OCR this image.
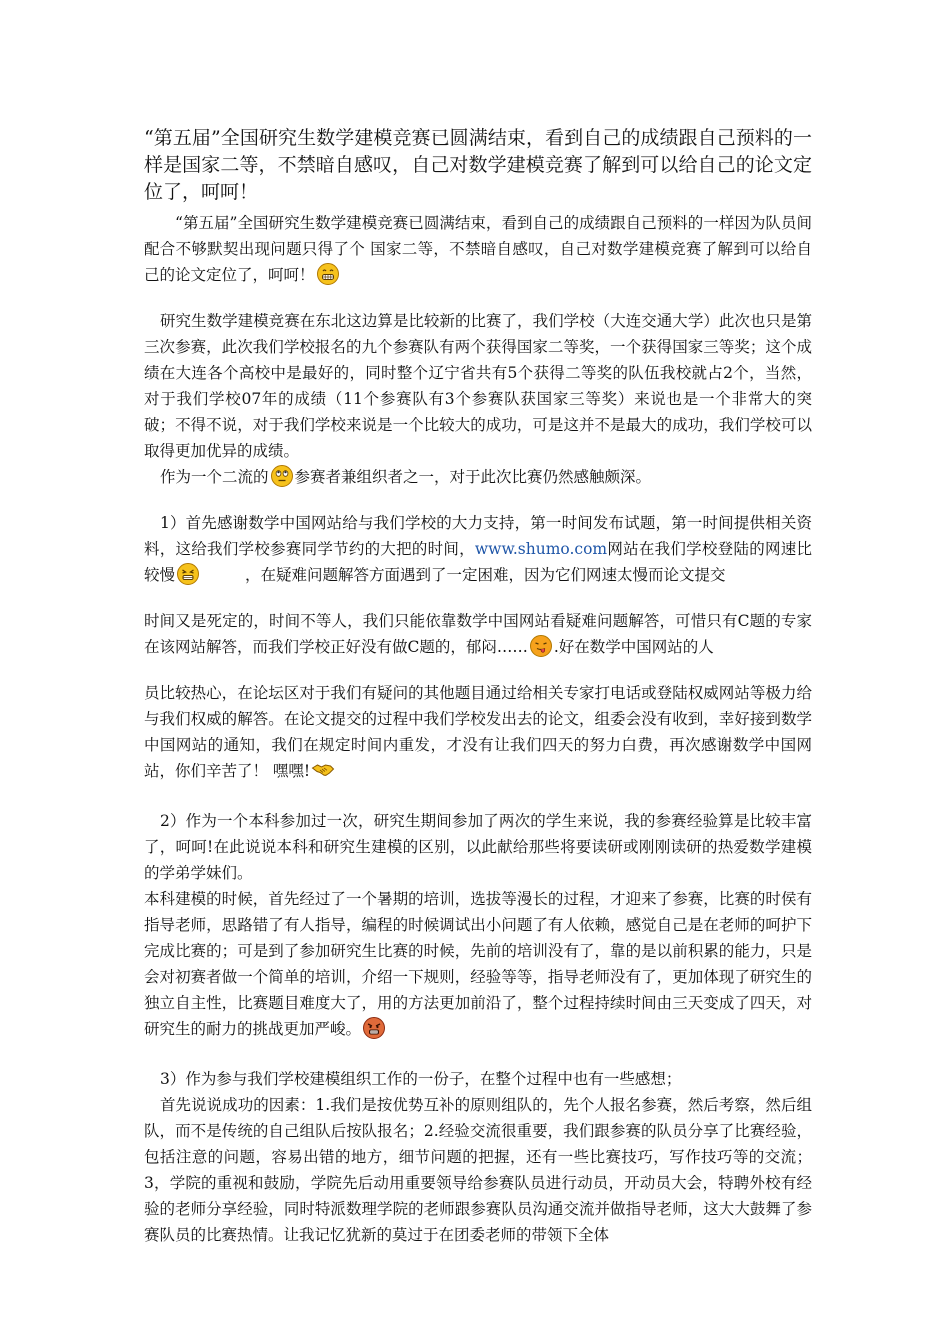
“第五届”全国研究生数学建模竞赛已圆满结束，看到自己的成绩跟自己预料的一样是国家二等，不禁暗自感叹，自己对数学建模竞赛了解到可以给自己的论文定位了，呵呵！

“第五届”全国研究生数学建模竞赛已圆满结束，看到自己的成绩跟自己预料的一样因为队员间配合不够默契出现问题只得了个 国家二等，不禁暗自感叹，自己对数学建模竞赛了解到可以给自己的论文定位了，呵呵！

研究生数学建模竞赛在东北这边算是比较新的比赛了，我们学校（大连交通大学）此次也只是第三次参赛，此次我们学校报名的九个参赛队有两个获得国家二等奖，一个获得国家三等奖；这个成绩在大连各个高校中是最好的，同时整个辽宁省共有5个获得二等奖的队伍我校就占2个，当然，对于我们学校07年的成绩（11个参赛队有3个参赛队获国家三等奖）来说也是一个非常大的突破；不得不说，对于我们学校来说是一个比较大的成功，可是这并不是最大的成功，我们学校可以取得更加优异的成绩。

作为一个二流的 参赛者兼组织者之一，对于此次比赛仍然感触颇深。

1）首先感谢数学中国网站给与我们学校的大力支持，第一时间发布试题，第一时间提供相关资料，这给我们学校参赛同学节约的大把的时间，www.shumo.com网站在我们学校登陆的网速比较慢	，在疑难问题解答方面遇到了一定困难，因为它们网速太慢而论文提交

时间又是死定的，时间不等人，我们只能依靠数学中国网站看疑难问题解答，可惜只有C题的专家在该网站解答，而我们学校正好没有做C题的，郁闷…… .好在数学中国网站的人

员比较热心，在论坛区对于我们有疑问的其他题目通过给相关专家打电话或登陆权威网站等极力给与我们权威的解答。在论文提交的过程中我们学校发出去的论文，组委会没有收到，幸好接到数学中国网站的通知，我们在规定时间内重发，才没有让我们四天的努力白费，再次感谢数学中国网站，你们辛苦了！ 嘿嘿!

2）作为一个本科参加过一次，研究生期间参加了两次的学生来说，我的参赛经验算是比较丰富了，呵呵!在此说说本科和研究生建模的区别，以此献给那些将要读研或刚刚读研的热爱数学建模的学弟学妹们。

本科建模的时候，首先经过了一个暑期的培训，选拔等漫长的过程，才迎来了参赛，比赛的时侯有指导老师，思路错了有人指导，编程的时候调试出小问题了有人依赖，感觉自己是在老师的呵护下完成比赛的；可是到了参加研究生比赛的时候，先前的培训没有了，靠的是以前积累的能力，只是会对初赛者做一个简单的培训，介绍一下规则，经验等等，指导老师没有了，更加体现了研究生的独立自主性，比赛题目难度大了，用的方法更加前沿了，整个过程持续时间由三天变成了四天，对研究生的耐力的挑战更加严峻。

3）作为参与我们学校建模组织工作的一份子，在整个过程中也有一些感想；

首先说说成功的因素：1.我们是按优势互补的原则组队的，先个人报名参赛，然后考察，然后组队，而不是传统的自己组队后按队报名；2.经验交流很重要，我们跟参赛的队员分享了比赛经验，包括注意的问题，容易出错的地方，细节问题的把握，还有一些比赛技巧，写作技巧等的交流；3，学院的重视和鼓励，学院先后动用重要领导给参赛队员进行动员，开动员大会，特聘外校有经验的老师分享经验，同时特派数理学院的老师跟参赛队员沟通交流并做指导老师，这大大鼓舞了参赛队员的比赛热情。让我记忆犹新的莫过于在团委老师的带领下全体
